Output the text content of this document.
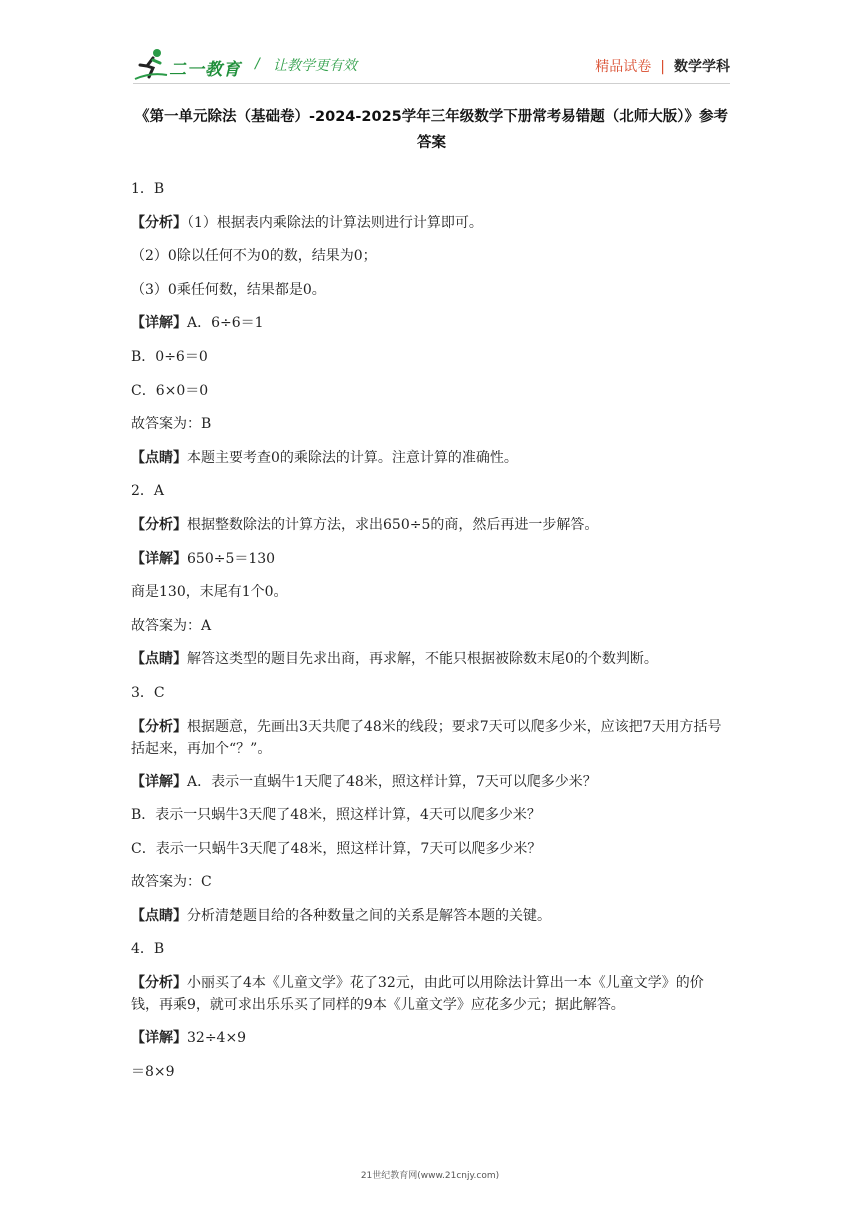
二一教育 / 让教学更有效	精品试卷 | 数学学科
《第一单元除法（基础卷）-2024-2025学年三年级数学下册常考易错题（北师大版）》参考答案
1．B
【分析】（1）根据表内乘除法的计算法则进行计算即可。
（2）0除以任何不为0的数，结果为0；
（3）0乘任何数，结果都是0。
【详解】A．6÷6＝1
B．0÷6＝0
C．6×0＝0
故答案为：B
【点睛】本题主要考查0的乘除法的计算。注意计算的准确性。
2．A
【分析】根据整数除法的计算方法，求出650÷5的商，然后再进一步解答。
【详解】650÷5＝130
商是130，末尾有1个0。
故答案为：A
【点睛】解答这类型的题目先求出商，再求解，不能只根据被除数末尾0的个数判断。
3．C
【分析】根据题意，先画出3天共爬了48米的线段；要求7天可以爬多少米，应该把7天用方括号括起来，再加个“？”。
【详解】A．表示一直蜗牛1天爬了48米，照这样计算，7天可以爬多少米？
B．表示一只蜗牛3天爬了48米，照这样计算，4天可以爬多少米？
C．表示一只蜗牛3天爬了48米，照这样计算，7天可以爬多少米？
故答案为：C
【点睛】分析清楚题目给的各种数量之间的关系是解答本题的关键。
4．B
【分析】小丽买了4本《儿童文学》花了32元，由此可以用除法计算出一本《儿童文学》的价钱，再乘9，就可求出乐乐买了同样的9本《儿童文学》应花多少元；据此解答。
【详解】32÷4×9
＝8×9
21世纪教育网(www.21cnjy.com)
